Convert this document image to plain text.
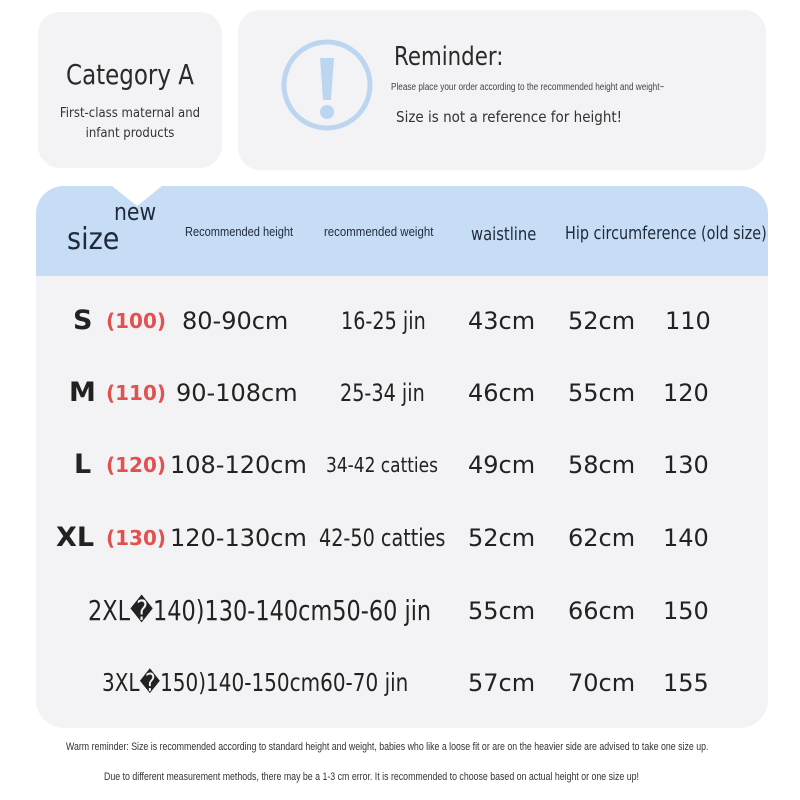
Category A
First-class maternal and infant products
Reminder:
Please place your order according to the recommended height and weight~
Size is not a reference for height!
new
size	Recommended height recommended weight waistline Hip circumference (old size)
S (100) 80-90cm 16-25 jin 43cm 52cm 110
M (110) 90-108cm 25-34 jin 46cm 55cm 120
L (120) 108-120cm 34-42 catties 49cm 58cm 130
XL (130) 120-130cm 42-50 catties 52cm 62cm 140
2XL�140)130-140cm50-60 jin 55cm 66cm 150
3XL�150)140-150cm60-70 jin 57cm 70cm 155
Warm reminder: Size is recommended according to standard height and weight, babies who like a loose fit or are on the heavier side are advised to take one size up.
Due to different measurement methods, there may be a 1-3 cm error. It is recommended to choose based on actual height or one size up!
